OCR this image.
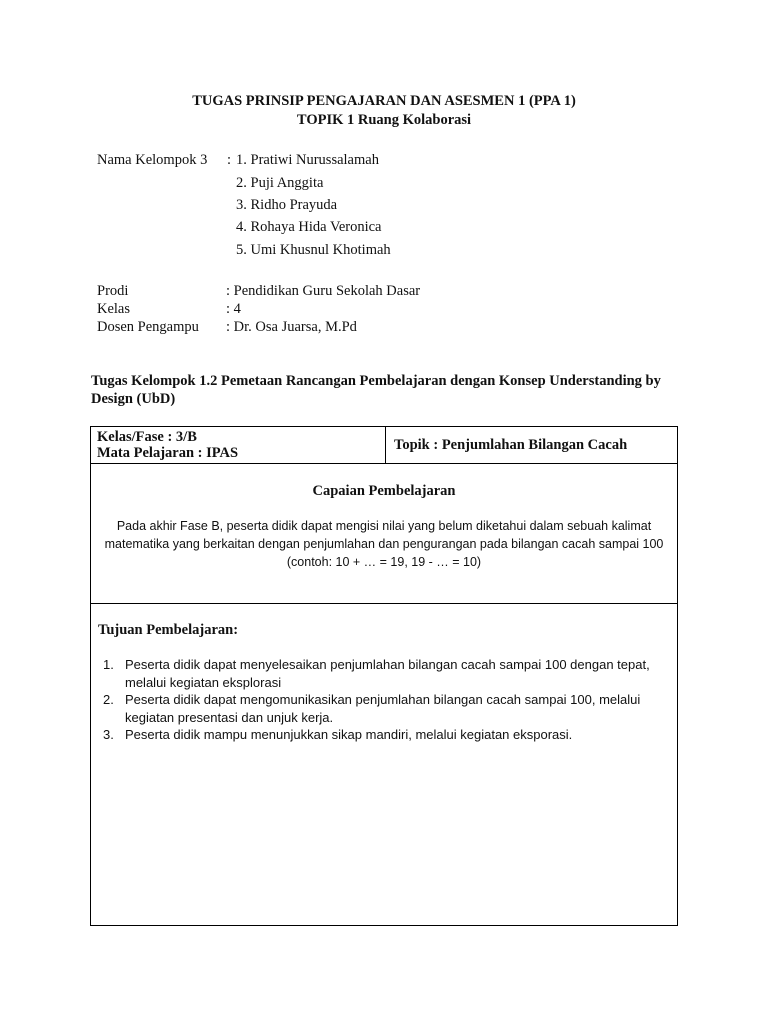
TUGAS PRINSIP PENGAJARAN DAN ASESMEN 1 (PPA 1)
TOPIK 1 Ruang Kolaborasi
Nama Kelompok 3 : 1. Pratiwi Nurussalamah
2. Puji Anggita
3. Ridho Prayuda
4. Rohaya Hida Veronica
5. Umi Khusnul Khotimah
Prodi	: Pendidikan Guru Sekolah Dasar
Kelas	: 4
Dosen Pengampu : Dr. Osa Juarsa, M.Pd
Tugas Kelompok 1.2 Pemetaan Rancangan Pembelajaran dengan Konsep Understanding by
Design (UbD)
Kelas/Fase : 3/B
Mata Pelajaran : IPAS	Topik : Penjumlahan Bilangan Cacah
Capaian Pembelajaran
Pada akhir Fase B, peserta didik dapat mengisi nilai yang belum diketahui dalam sebuah kalimat
matematika yang berkaitan dengan penjumlahan dan pengurangan pada bilangan cacah sampai 100
(contoh: 10 + … = 19, 19 - … = 10)
Tujuan Pembelajaran:
1. Peserta didik dapat menyelesaikan penjumlahan bilangan cacah sampai 100 dengan tepat, melalui kegiatan eksplorasi
2. Peserta didik dapat mengomunikasikan penjumlahan bilangan cacah sampai 100, melalui kegiatan presentasi dan unjuk kerja.
3. Peserta didik mampu menunjukkan sikap mandiri, melalui kegiatan eksporasi.
